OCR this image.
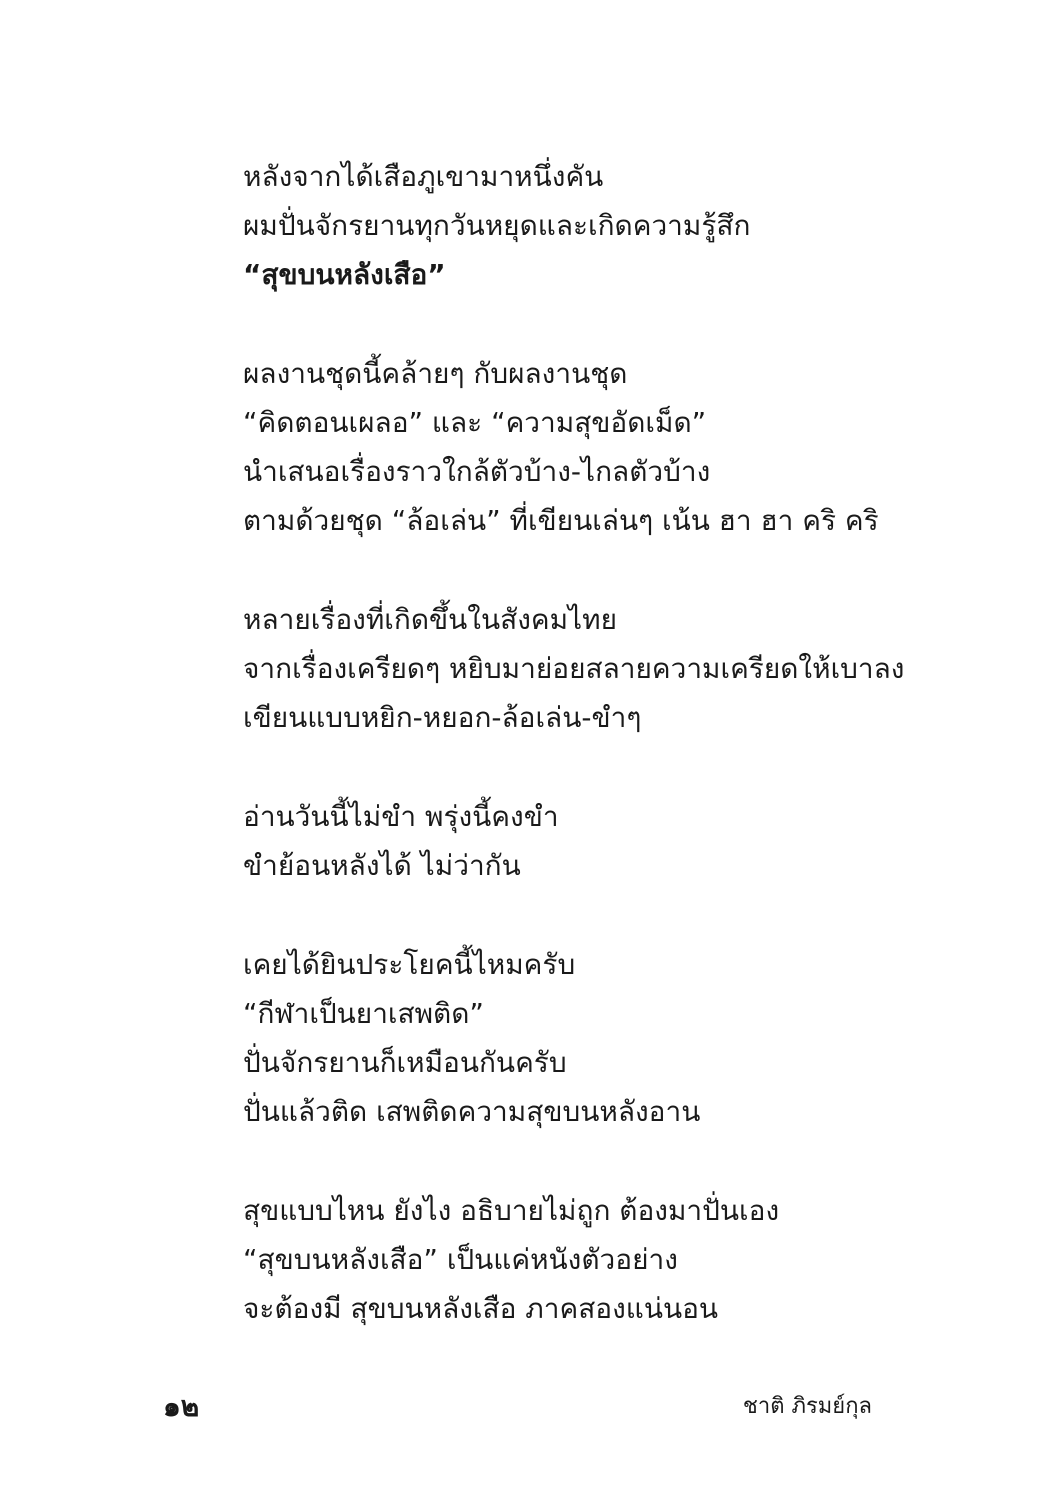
หลังจากได้เสือภูเขามาหนึ่งคัน
ผมปั่นจักรยานทุกวันหยุดและเกิดความรู้สึก
“สุขบนหลังเสือ”
ผลงานชุดนี้คล้ายๆ กับผลงานชุด
“คิดตอนเผลอ” และ “ความสุขอัดเม็ด”
นำเสนอเรื่องราวใกล้ตัวบ้าง-ไกลตัวบ้าง
ตามด้วยชุด “ล้อเล่น” ที่เขียนเล่นๆ เน้น ฮา ฮา คริ คริ
หลายเรื่องที่เกิดขึ้นในสังคมไทย
จากเรื่องเครียดๆ หยิบมาย่อยสลายความเครียดให้เบาลง
เขียนแบบหยิก-หยอก-ล้อเล่น-ขำๆ
อ่านวันนี้ไม่ขำ พรุ่งนี้คงขำ
ขำย้อนหลังได้ ไม่ว่ากัน
เคยได้ยินประโยคนี้ไหมครับ
“กีฬาเป็นยาเสพติด”
ปั่นจักรยานก็เหมือนกันครับ
ปั่นแล้วติด เสพติดความสุขบนหลังอาน
สุขแบบไหน ยังไง อธิบายไม่ถูก ต้องมาปั่นเอง
“สุขบนหลังเสือ” เป็นแค่หนังตัวอย่าง
จะต้องมี สุขบนหลังเสือ ภาคสองแน่นอน
๑๒	ชาติ ภิรมย์กุล
